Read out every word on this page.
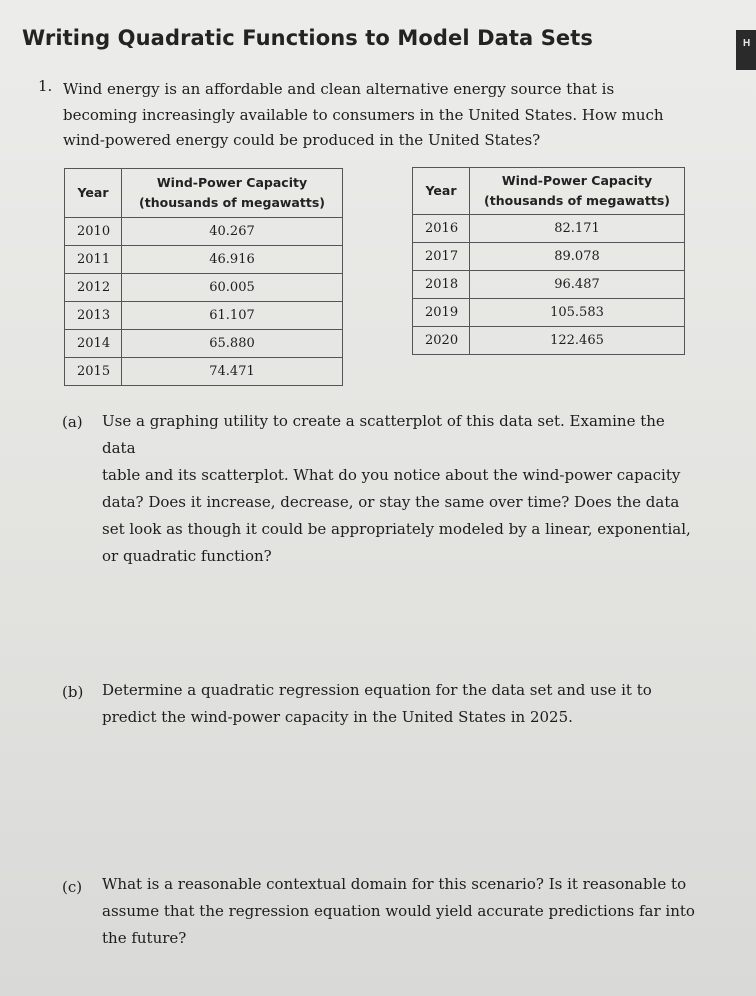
Writing Quadratic Functions to Model Data Sets	H
1. Wind energy is an affordable and clean alternative energy source that is
becoming increasingly available to consumers in the United States. How much
wind-powered energy could be produced in the United States?
Year	Wind-Power Capacity
(thousands of megawatts)

2010	40.267
2011	46.916
2012	60.005
2013	61.107
2014	65.880
2015	74.471
Year	Wind-Power Capacity
(thousands of megawatts)

2016	82.171
2017	89.078
2018	96.487
2019	105.583
2020	122.465
(a) Use a graphing utility to create a scatterplot of this data set. Examine the data
table and its scatterplot. What do you notice about the wind-power capacity
data? Does it increase, decrease, or stay the same over time? Does the data
set look as though it could be appropriately modeled by a linear, exponential,
or quadratic function?
(b) Determine a quadratic regression equation for the data set and use it to
predict the wind-power capacity in the United States in 2025.
(c) What is a reasonable contextual domain for this scenario? Is it reasonable to
assume that the regression equation would yield accurate predictions far into
the future?
